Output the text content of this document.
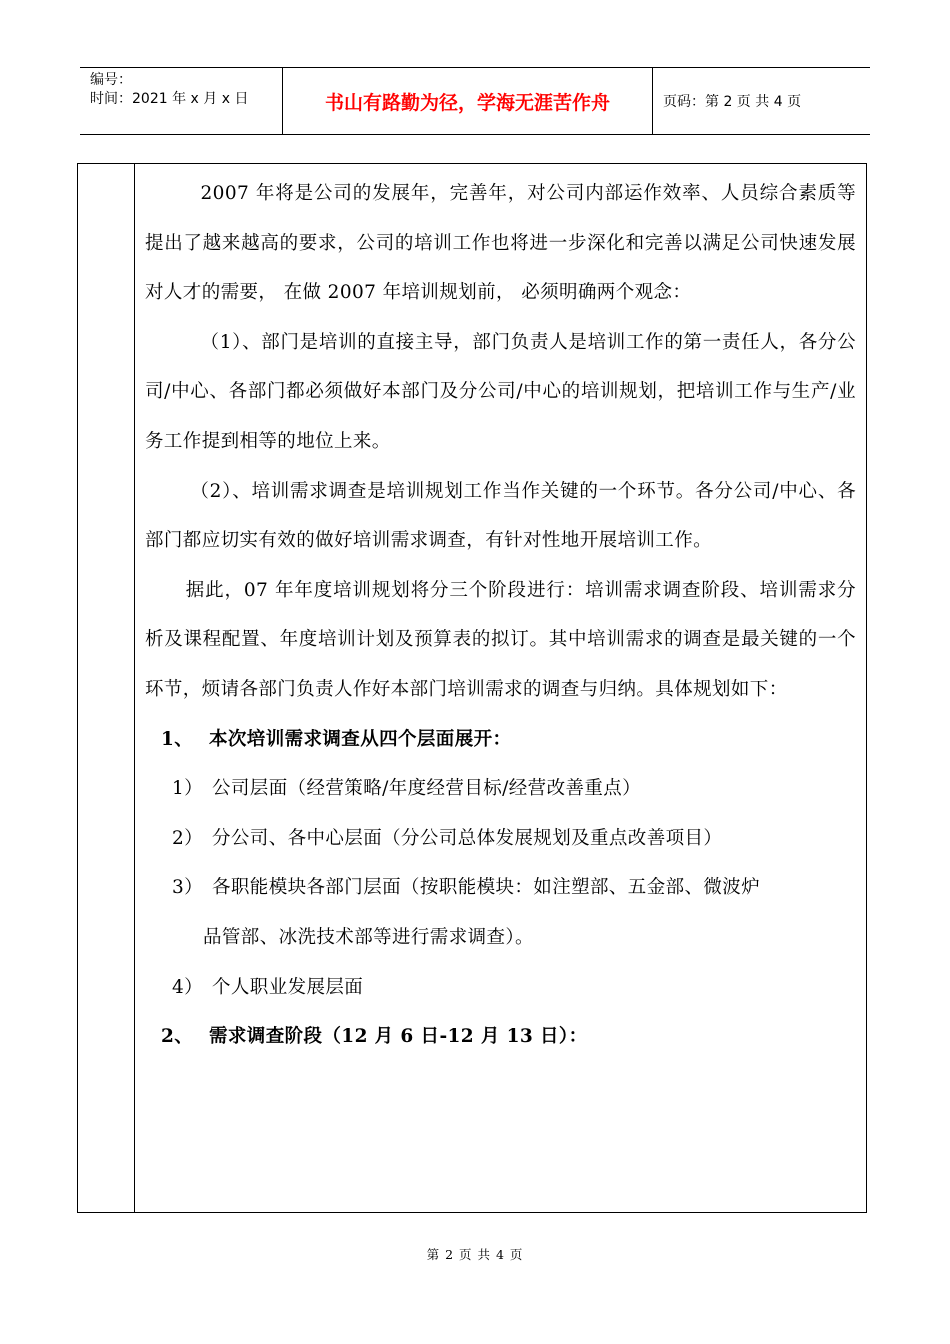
编号：
时间：2021 年 x 月 x 日	书山有路勤为径，学海无涯苦作舟	页码：第 2 页 共 4 页

2007 年将是公司的发展年，完善年，对公司内部运作效率、人员综合素质等提出了越来越高的要求，公司的培训工作也将进一步深化和完善以满足公司快速发展对人才的需要， 在做 2007 年培训规划前， 必须明确两个观念：

（1）、部门是培训的直接主导，部门负责人是培训工作的第一责任人，各分公司/中心、各部门都必须做好本部门及分公司/中心的培训规划，把培训工作与生产/业务工作提到相等的地位上来。

（2）、培训需求调查是培训规划工作当作关键的一个环节。各分公司/中心、各部门都应切实有效的做好培训需求调查，有针对性地开展培训工作。

据此，07 年年度培训规划将分三个阶段进行：培训需求调查阶段、培训需求分析及课程配置、年度培训计划及预算表的拟订。其中培训需求的调查是最关键的一个环节，烦请各部门负责人作好本部门培训需求的调查与归纳。具体规划如下：

1、 本次培训需求调查从四个层面展开：

1） 公司层面（经营策略/年度经营目标/经营改善重点）

2） 分公司、各中心层面（分公司总体发展规划及重点改善项目）

3） 各职能模块各部门层面（按职能模块：如注塑部、五金部、微波炉

品管部、冰洗技术部等进行需求调查）。

4） 个人职业发展层面

2、 需求调查阶段（12 月 6 日-12 月 13 日）：

第 2 页 共 4 页
